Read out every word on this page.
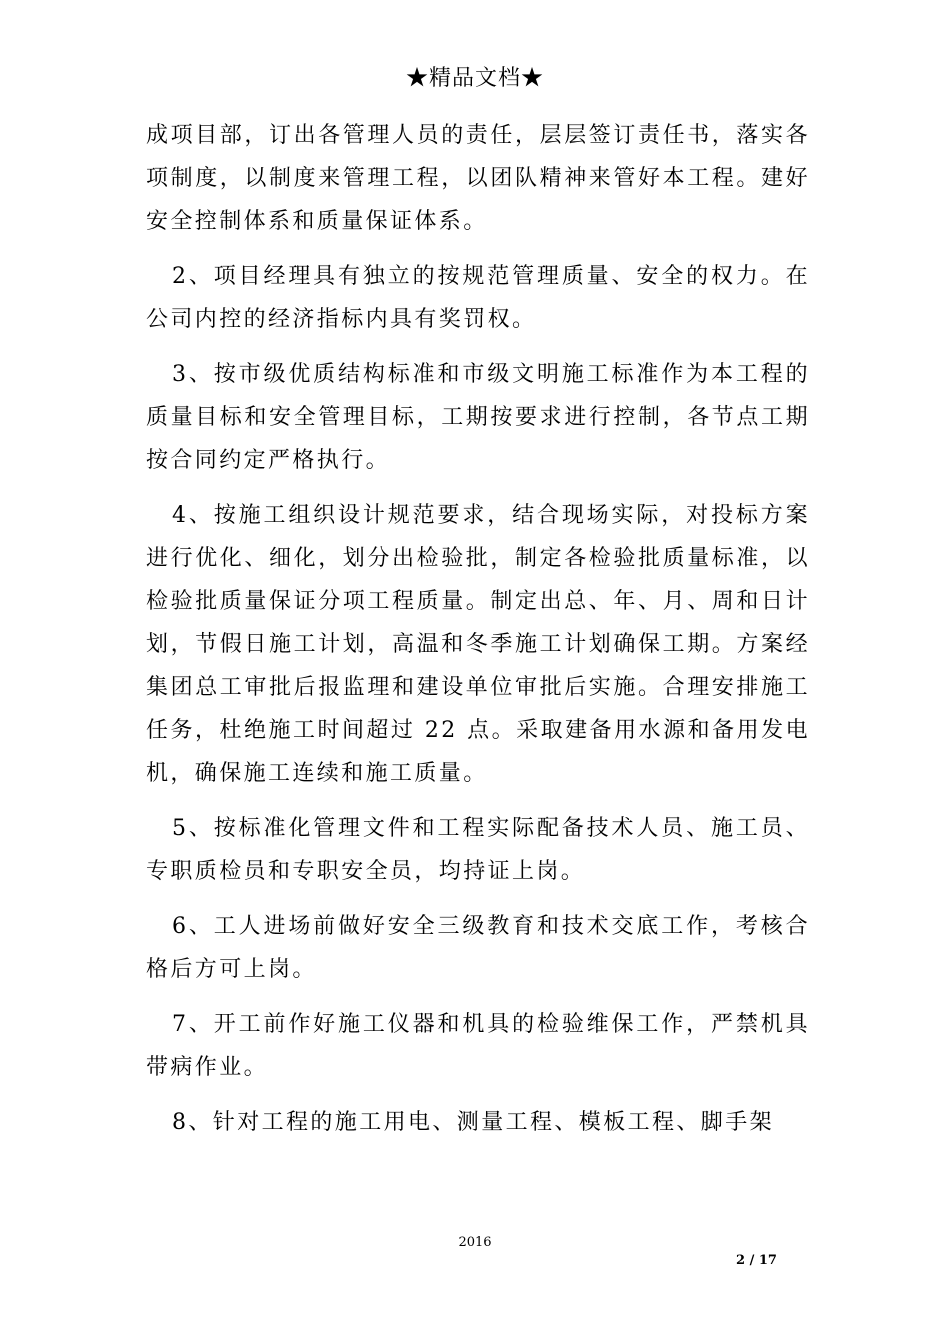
★精品文档★

成项目部，订出各管理人员的责任，层层签订责任书，落实各项制度，以制度来管理工程，以团队精神来管好本工程。建好安全控制体系和质量保证体系。

2、项目经理具有独立的按规范管理质量、安全的权力。在公司内控的经济指标内具有奖罚权。

3、按市级优质结构标准和市级文明施工标准作为本工程的质量目标和安全管理目标，工期按要求进行控制，各节点工期按合同约定严格执行。

4、按施工组织设计规范要求，结合现场实际，对投标方案进行优化、细化，划分出检验批，制定各检验批质量标准，以检验批质量保证分项工程质量。制定出总、年、月、周和日计划，节假日施工计划，高温和冬季施工计划确保工期。方案经集团总工审批后报监理和建设单位审批后实施。合理安排施工任务，杜绝施工时间超过 22 点。采取建备用水源和备用发电机，确保施工连续和施工质量。

5、按标准化管理文件和工程实际配备技术人员、施工员、专职质检员和专职安全员，均持证上岗。

6、工人进场前做好安全三级教育和技术交底工作，考核合格后方可上岗。

7、开工前作好施工仪器和机具的检验维保工作，严禁机具带病作业。

8、针对工程的施工用电、测量工程、模板工程、脚手架

2016
2 / 17
